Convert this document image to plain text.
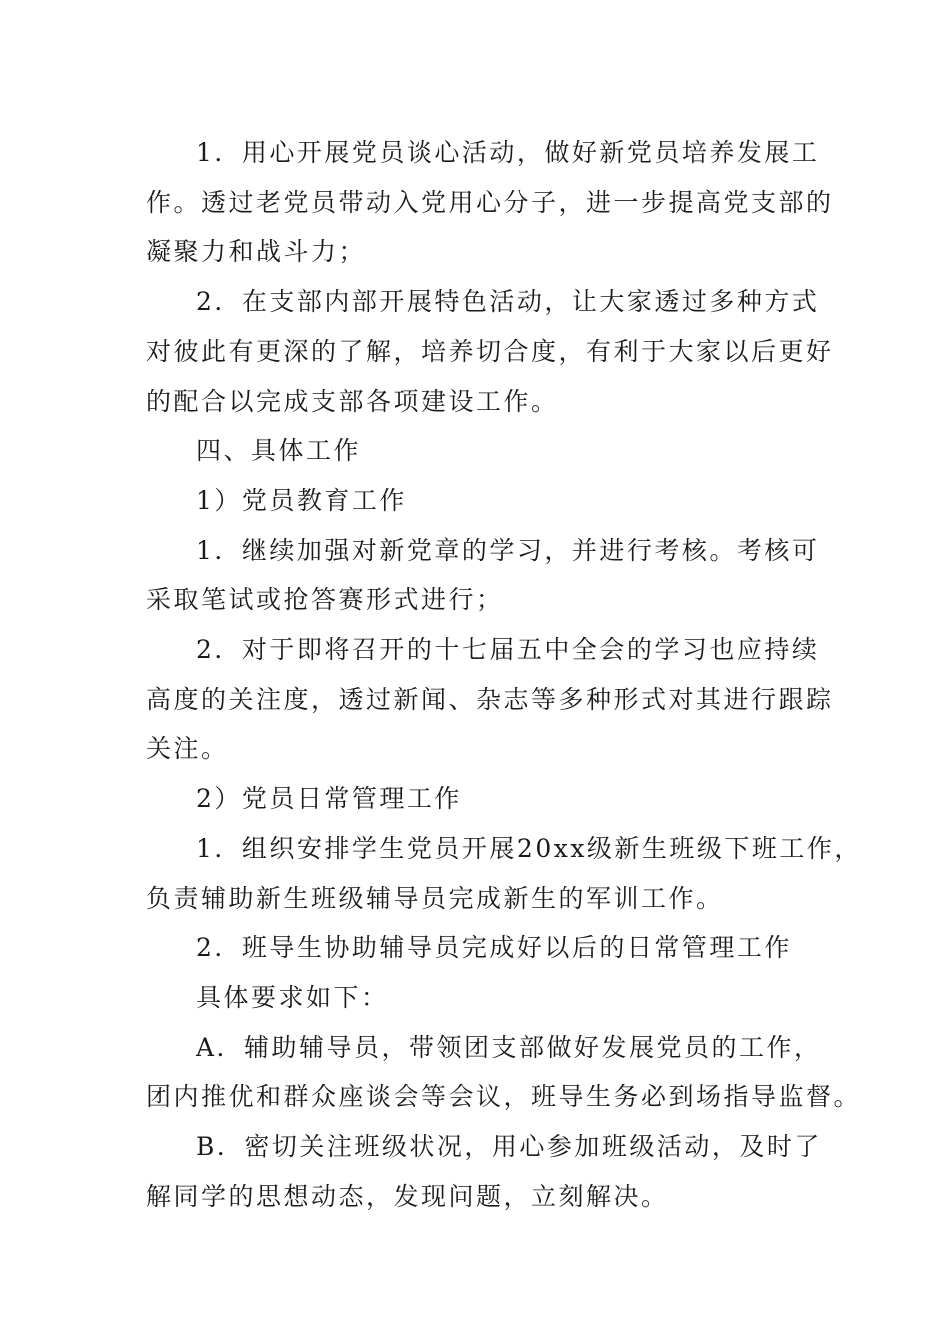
1．用心开展党员谈心活动，做好新党员培养发展工

作。透过老党员带动入党用心分子，进一步提高党支部的

凝聚力和战斗力；

2．在支部内部开展特色活动，让大家透过多种方式

对彼此有更深的了解，培养切合度，有利于大家以后更好

的配合以完成支部各项建设工作。

四、具体工作

1）党员教育工作

1．继续加强对新党章的学习，并进行考核。考核可

采取笔试或抢答赛形式进行；

2．对于即将召开的十七届五中全会的学习也应持续

高度的关注度，透过新闻、杂志等多种形式对其进行跟踪

关注。

2）党员日常管理工作

1．组织安排学生党员开展20xx级新生班级下班工作，

负责辅助新生班级辅导员完成新生的军训工作。

2．班导生协助辅导员完成好以后的日常管理工作

具体要求如下：

A．辅助辅导员，带领团支部做好发展党员的工作，

团内推优和群众座谈会等会议，班导生务必到场指导监督。

B．密切关注班级状况，用心参加班级活动，及时了

解同学的思想动态，发现问题，立刻解决。
